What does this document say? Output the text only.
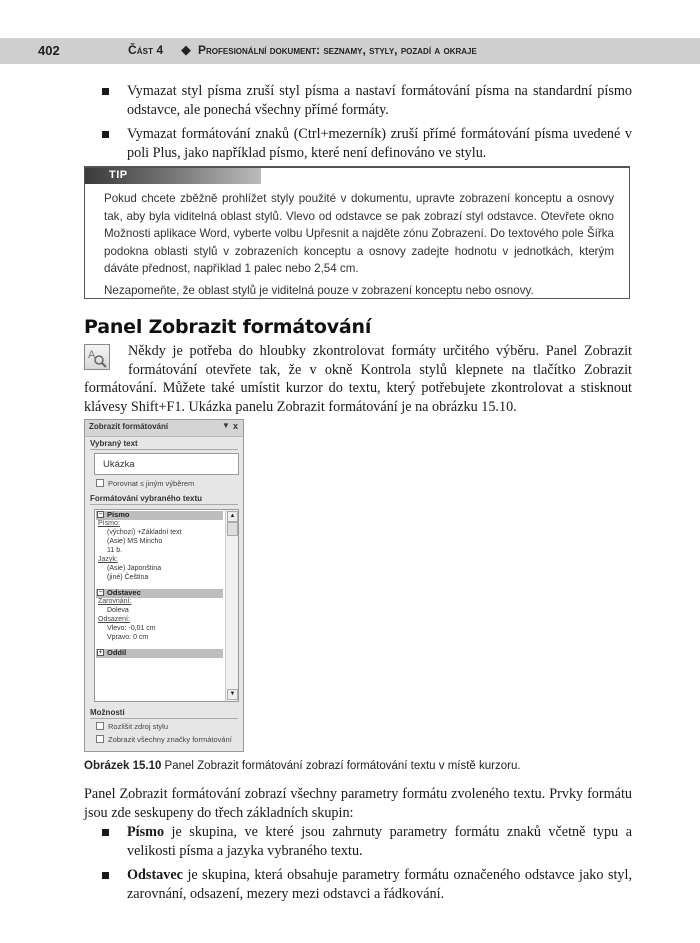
402	Část 4 ◆ Profesionální dokument: seznamy, styly, pozadí a okraje
Vymazat styl písma zruší styl písma a nastaví formátování písma na standardní písmo odstavce, ale ponechá všechny přímé formáty.
Vymazat formátování znaků (Ctrl+mezerník) zruší přímé formátování písma uvedené v poli Plus, jako například písmo, které není definováno ve stylu.
TIP

Pokud chcete zběžně prohlížet styly použité v dokumentu, upravte zobrazení konceptu a osnovy tak, aby byla viditelná oblast stylů. Vlevo od odstavce se pak zobrazí styl odstavce. Otevřete okno Možnosti aplikace Word, vyberte volbu Upřesnit a najděte zónu Zobrazení. Do textového pole Šířka podokna oblasti stylů v zobrazeních konceptu a osnovy zadejte hodnotu v jednotkách, kterým dáváte přednost, například 1 palec nebo 2,54 cm.

Nezapomeňte, že oblast stylů je viditelná pouze v zobrazení konceptu nebo osnovy.

Panel Zobrazit formátování
A	Někdy je potřeba do hloubky zkontrolovat formáty určitého výběru. Panel Zobrazit formátování otevřete tak, že v okně Kontrola stylů klepnete na tlačítko Zobrazit formátování. Můžete také umístit kurzor do textu, který potřebujete zkontrolovat a stisknout klávesy Shift+F1. Ukázka panelu Zobrazit formátování je na obrázku 15.10.
Zobrazit formátování	▼ x
Vybraný text
Ukázka
Porovnat s jiným výběrem
Formátování vybraného textu
− Písmo
Písmo:
(výchozí) +Základní text
(Asie) MS Mincho
11 b.
Jazyk:
(Asie) Japonština
(jiné) Čeština
− Odstavec
Zarovnání:
Doleva
Odsazení:
Vlevo: -0,01 cm
Vpravo: 0 cm
+ Oddíl
▲
▼
Možnosti
Rozlišit zdroj stylu
Zobrazit všechny značky formátování
Obrázek 15.10 Panel Zobrazit formátování zobrazí formátování textu v místě kurzoru.
Panel Zobrazit formátování zobrazí všechny parametry formátu zvoleného textu. Prvky formátu jsou zde seskupeny do třech základních skupin:
Písmo je skupina, ve které jsou zahrnuty parametry formátu znaků včetně typu a velikosti písma a jazyka vybraného textu.
Odstavec je skupina, která obsahuje parametry formátu označeného odstavce jako styl, zarovnání, odsazení, mezery mezi odstavci a řádkování.
